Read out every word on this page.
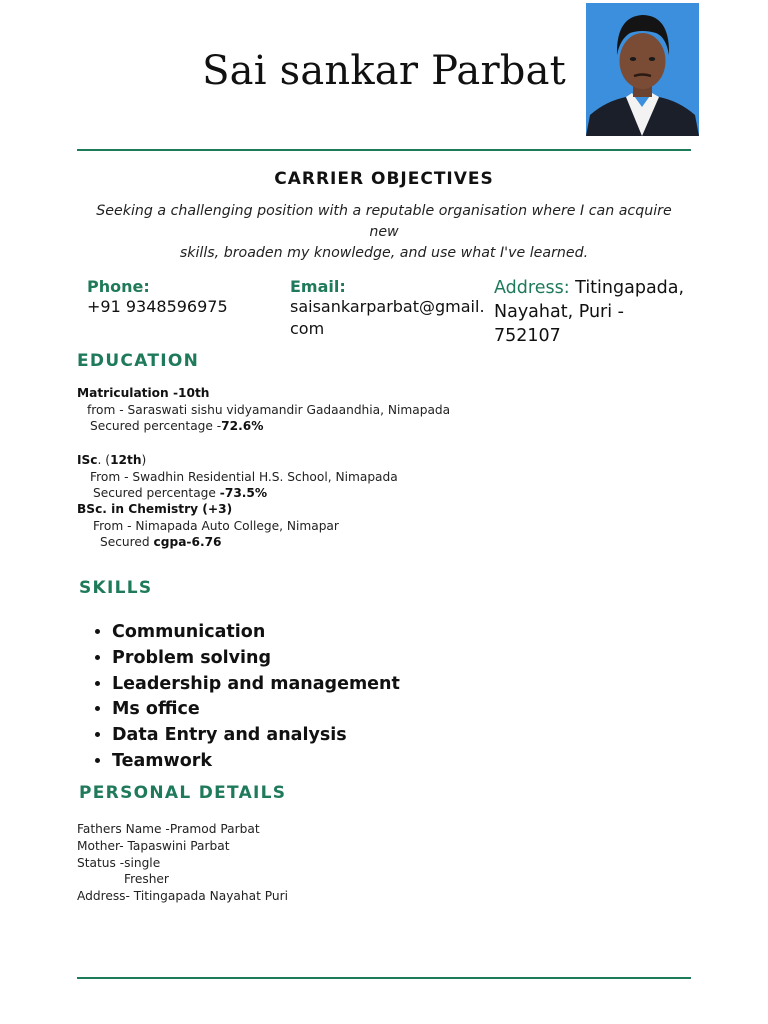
Sai sankar Parbat
CARRIER OBJECTIVES
Seeking a challenging position with a reputable organisation where I can acquire new
skills, broaden my knowledge, and use what I've learned.
Phone:
+91 9348596975
Email:
saisankarparbat@gmail.
com
Address: Titingapada,
Nayahat, Puri -
752107
EDUCATION
Matriculation -10th
from - Saraswati sishu vidyamandir Gadaandhia, Nimapada
Secured percentage -72.6%
ISc. (12th)
From - Swadhin Residential H.S. School, Nimapada
Secured percentage -73.5%
BSc. in Chemistry (+3)
From - Nimapada Auto College, Nimapar
Secured cgpa-6.76
SKILLS
• Communication
• Problem solving
• Leadership and management
• Ms office
• Data Entry and analysis
• Teamwork
PERSONAL DETAILS
Fathers Name -Pramod Parbat
Mother- Tapaswini Parbat
Status -single
Fresher
Address- Titingapada Nayahat Puri
